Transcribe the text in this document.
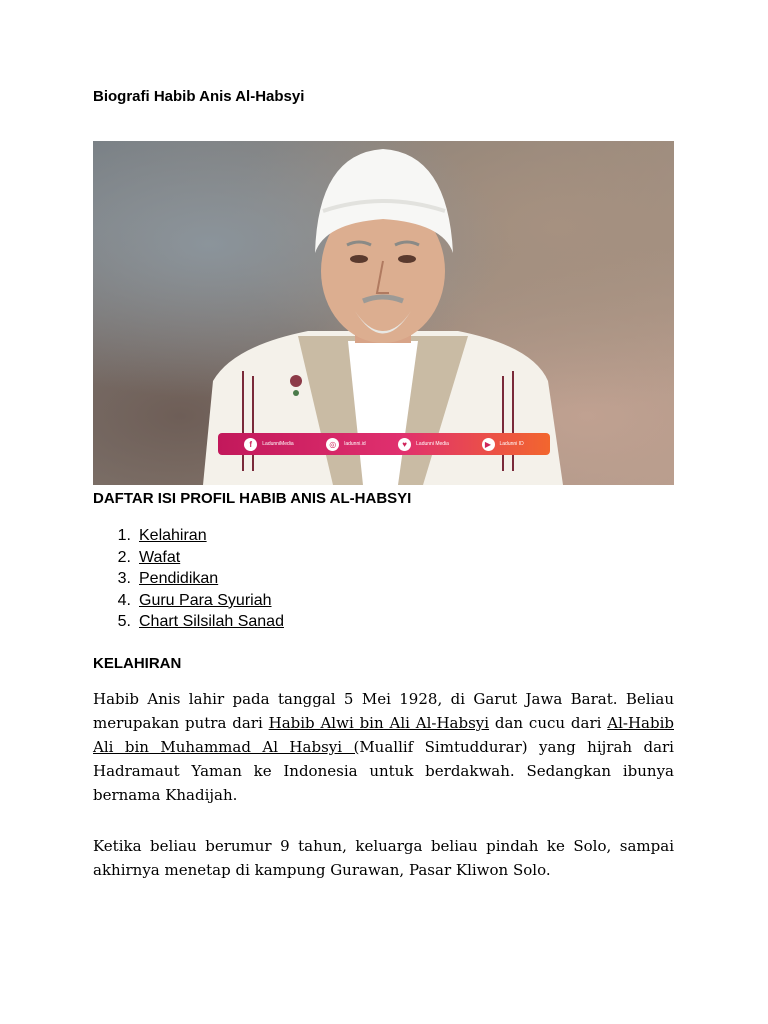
Biografi Habib Anis Al-Habsyi
f	LadunniMedia	◎	ladunni.id	♥	Ladunni Media	▶	Ladunni ID
DAFTAR ISI PROFIL HABIB ANIS AL-HABSYI
1. Kelahiran
2. Wafat
3. Pendidikan
4. Guru Para Syuriah
5. Chart Silsilah Sanad
KELAHIRAN

Habib Anis lahir pada tanggal 5 Mei 1928, di Garut Jawa Barat. Beliau merupakan putra dari Habib Alwi bin Ali Al-Habsyi dan cucu dari Al-Habib Ali bin Muhammad Al Habsyi (Muallif Simtuddurar) yang hijrah dari Hadramaut Yaman ke Indonesia untuk berdakwah. Sedangkan ibunya bernama Khadijah.

Ketika beliau berumur 9 tahun, keluarga beliau pindah ke Solo, sampai akhirnya menetap di kampung Gurawan, Pasar Kliwon Solo.
